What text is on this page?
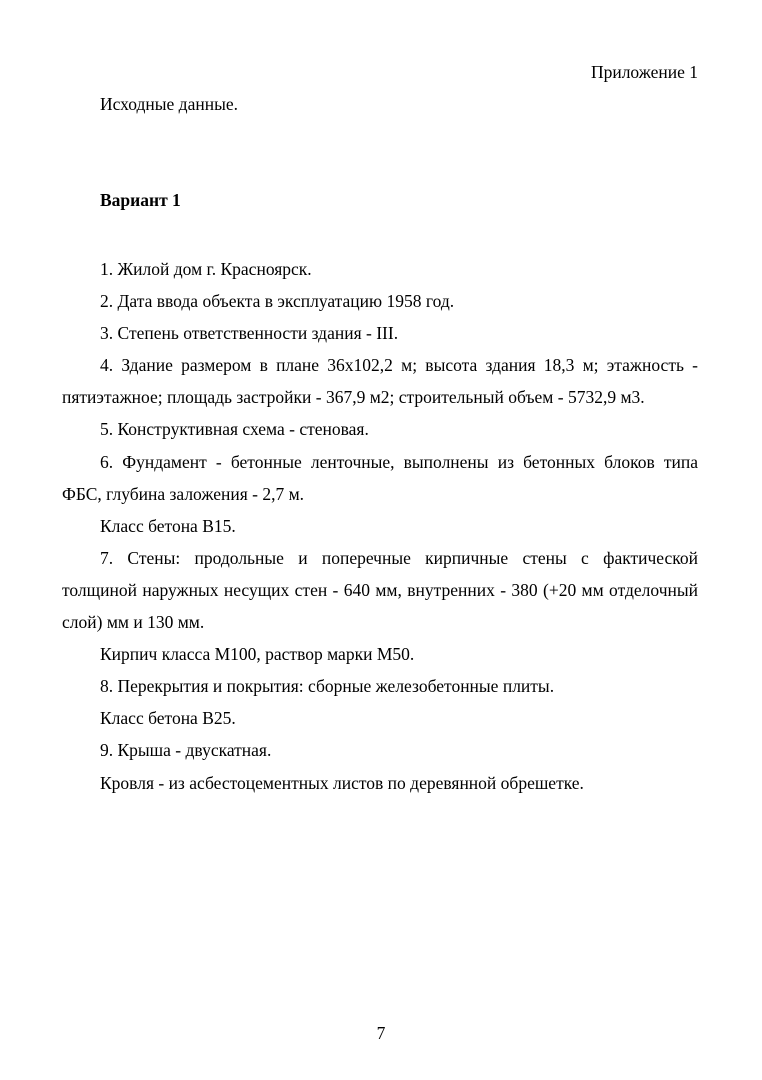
Приложение 1
Исходные данные.
Вариант 1

1. Жилой дом г. Красноярск.

2. Дата ввода объекта в эксплуатацию 1958 год.

3. Степень ответственности здания - III.

4. Здание размером в плане 36х102,2 м; высота здания 18,3 м; этажность - пятиэтажное; площадь застройки - 367,9 м2; строительный объем - 5732,9 м3.

5. Конструктивная схема - стеновая.

6. Фундамент - бетонные ленточные, выполнены из бетонных блоков типа ФБС, глубина заложения - 2,7 м.

Класс бетона В15.

7. Стены: продольные и поперечные кирпичные стены с фактической толщиной наружных несущих стен - 640 мм, внутренних - 380 (+20 мм отделочный слой) мм и 130 мм.

Кирпич класса М100, раствор марки М50.

8. Перекрытия и покрытия: сборные железобетонные плиты.

Класс бетона В25.

9. Крыша - двускатная.

Кровля - из асбестоцементных листов по деревянной обрешетке.

7
